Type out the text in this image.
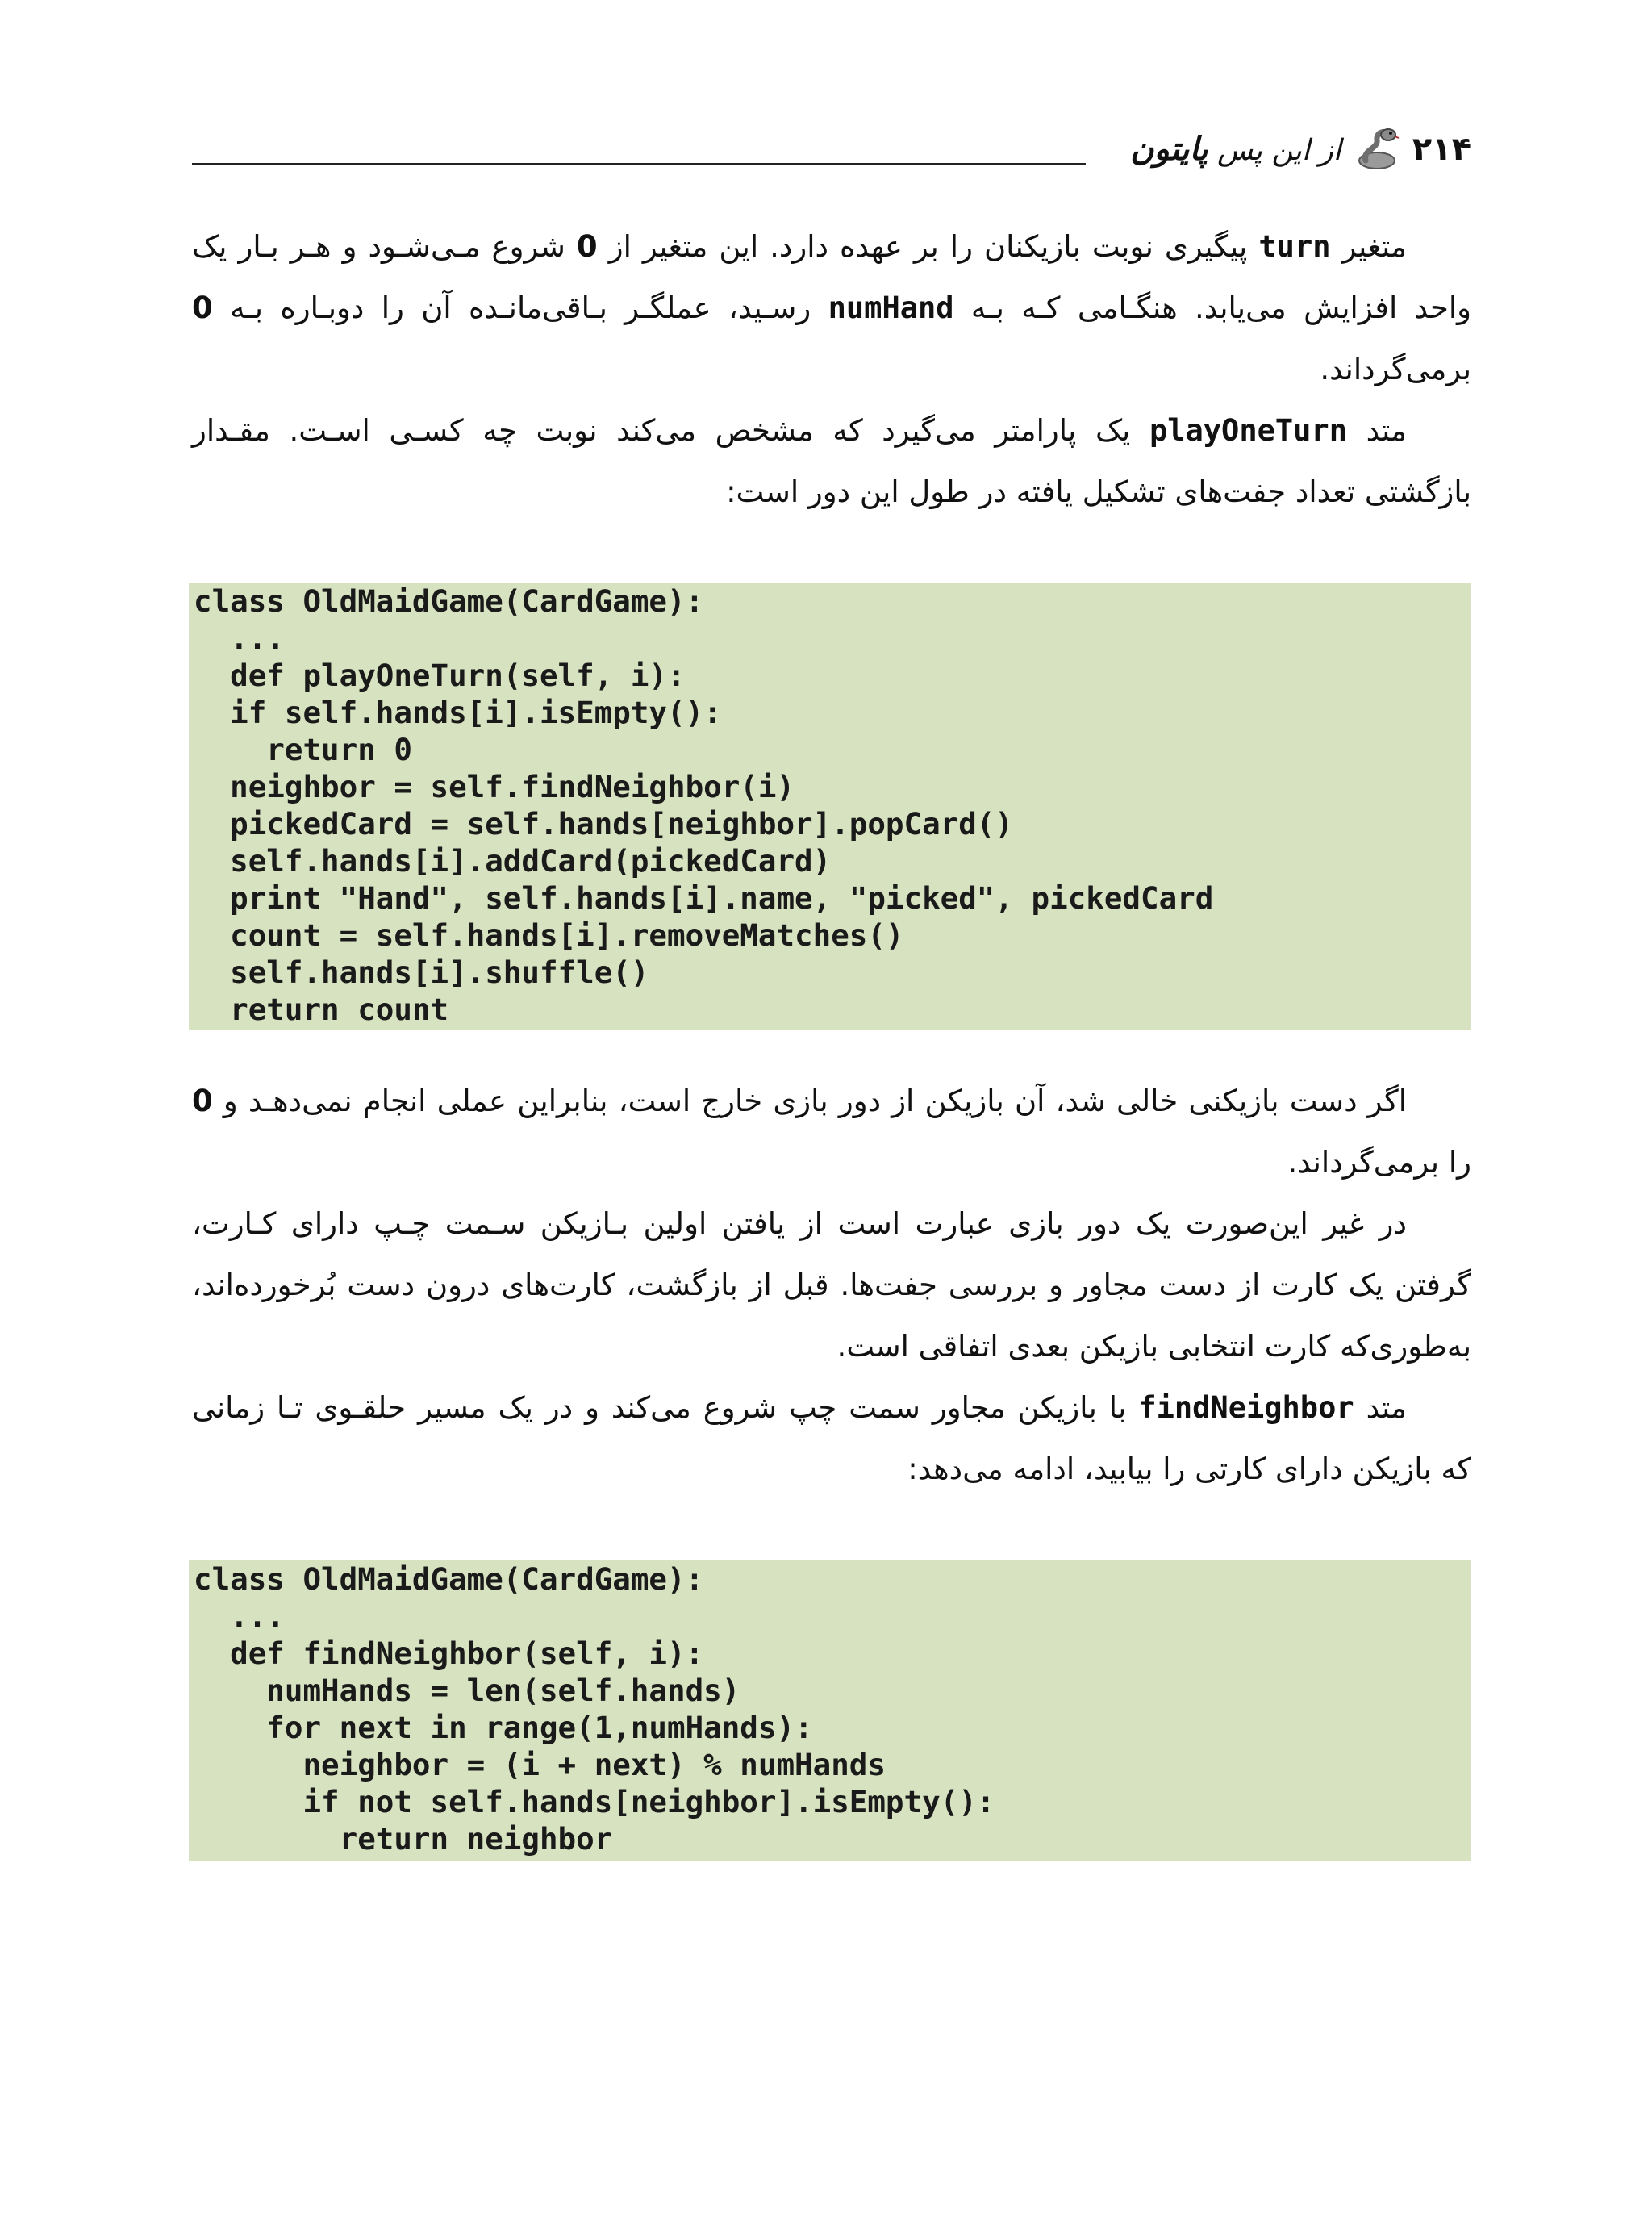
۲۱۴
از این پس پایتون

متغیر turn پیگیری نوبت بازیکنان را بر عهده دارد. این متغیر از 0 شروع مـی‌شـود و هـر بـار یک واحد افزایش می‌یابد. هنگـامی کـه بـه numHand رسـید، عملگـر بـاقی‌مانـده آن را دوبـاره بـه 0 برمی‌گرداند.

متد playOneTurn یک پارامتر می‌گیرد که مشخص می‌کند نوبت چه کسـی اسـت. مقـدار بازگشتی تعداد جفت‌های تشکیل یافته در طول این دور است:

class OldMaidGame(CardGame):
...
def playOneTurn(self, i):
if self.hands[i].isEmpty():
return 0
neighbor = self.findNeighbor(i)
pickedCard = self.hands[neighbor].popCard()
self.hands[i].addCard(pickedCard)
print "Hand", self.hands[i].name, "picked", pickedCard
count = self.hands[i].removeMatches()
self.hands[i].shuffle()
return count

اگر دست بازیکنی خالی شد، آن بازیکن از دور بازی خارج است، بنابراین عملی انجام نمی‌دهـد و 0 را برمی‌گرداند.

در غیر این‌صورت یک دور بازی عبارت است از یافتن اولین بـازیکن سـمت چـپ دارای کـارت، گرفتن یک کارت از دست مجاور و بررسی جفت‌ها. قبل از بازگشت، کارت‌های درون دست بُرخورده‌اند، به‌طوری‌که کارت انتخابی بازیکن بعدی اتفاقی است.

متد findNeighbor با بازیکن مجاور سمت چپ شروع می‌کند و در یک مسیر حلقـوی تـا زمانی که بازیکن دارای کارتی را بیابید، ادامه می‌دهد:

class OldMaidGame(CardGame):
...
def findNeighbor(self, i):
numHands = len(self.hands)
for next in range(1,numHands):
neighbor = (i + next) % numHands
if not self.hands[neighbor].isEmpty():
return neighbor
